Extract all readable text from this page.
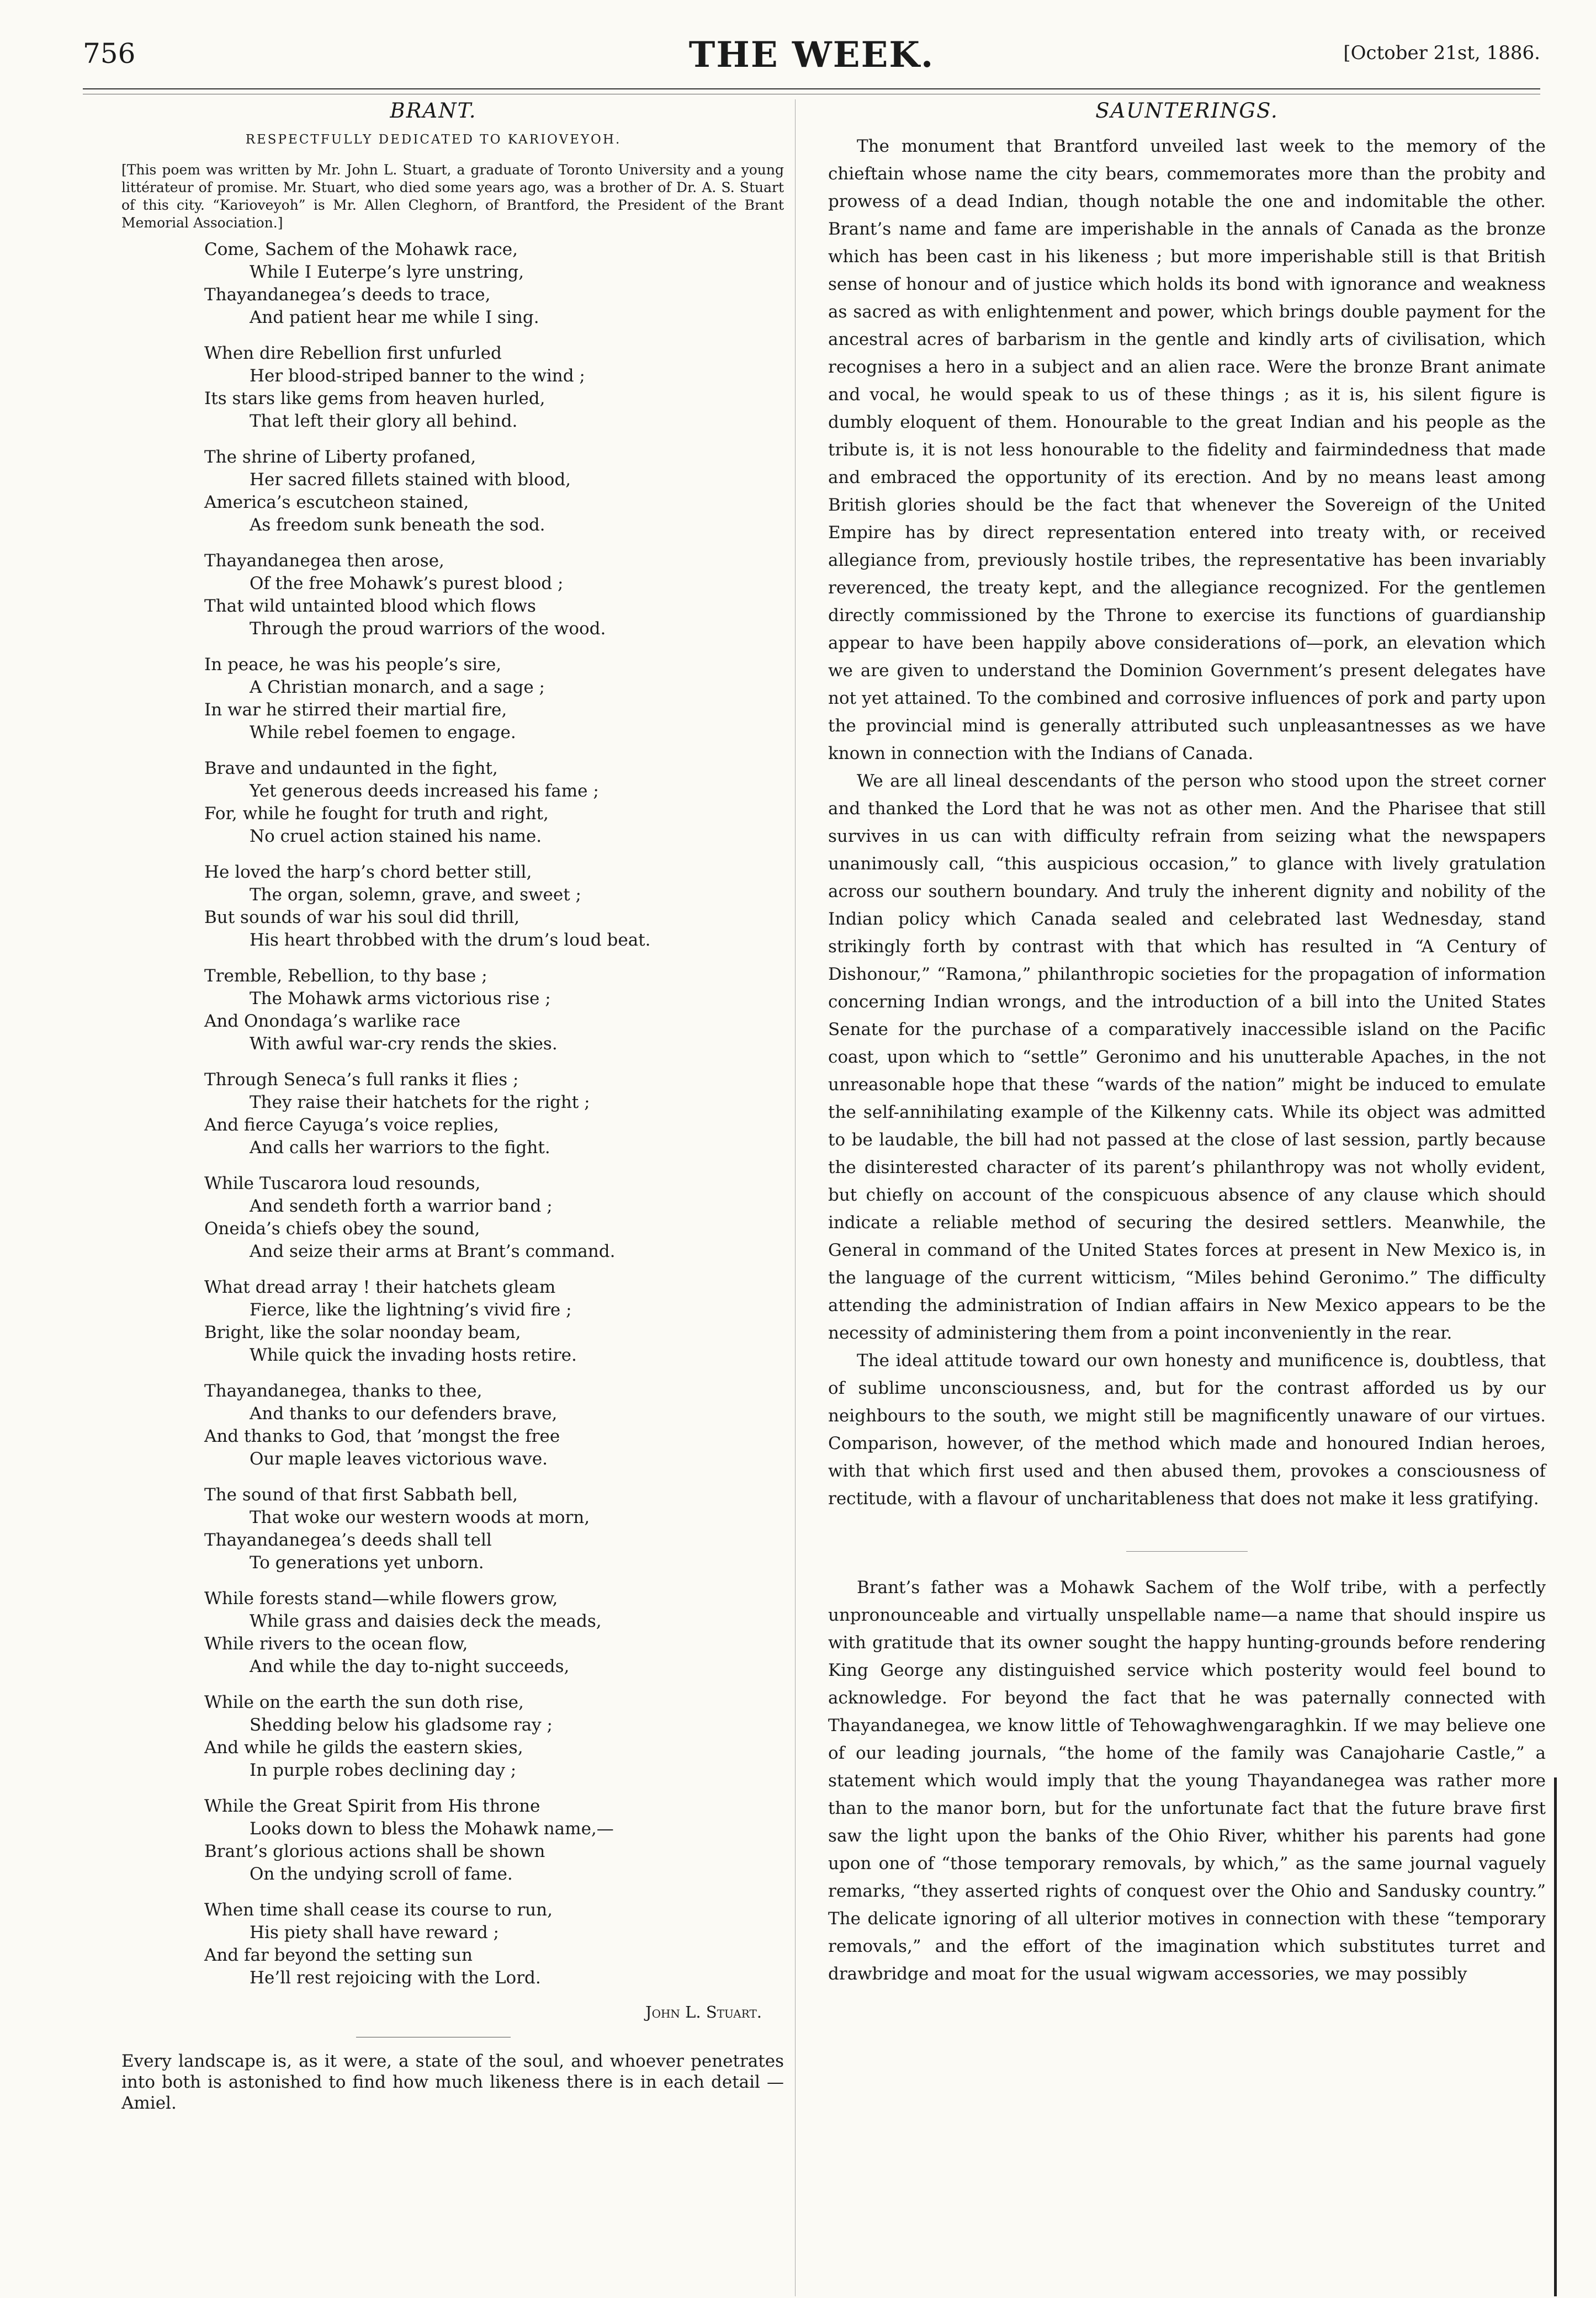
756	THE WEEK.	[October 21st, 1886.
BRANT.
RESPECTFULLY DEDICATED TO KARIOVEYOH.

[This poem was written by Mr. John L. Stuart, a graduate of Toronto University and a young littérateur of promise. Mr. Stuart, who died some years ago, was a brother of Dr. A. S. Stuart of this city. “Karioveyoh” is Mr. Allen Cleghorn, of Brantford, the President of the Brant Memorial Association.]

Come, Sachem of the Mohawk race,
While I Euterpe’s lyre unstring,
Thayandanegea’s deeds to trace,
And patient hear me while I sing.
When dire Rebellion first unfurled
Her blood-striped banner to the wind ;
Its stars like gems from heaven hurled,
That left their glory all behind.
The shrine of Liberty profaned,
Her sacred fillets stained with blood,
America’s escutcheon stained,
As freedom sunk beneath the sod.
Thayandanegea then arose,
Of the free Mohawk’s purest blood ;
That wild untainted blood which flows
Through the proud warriors of the wood.
In peace, he was his people’s sire,
A Christian monarch, and a sage ;
In war he stirred their martial fire,
While rebel foemen to engage.
Brave and undaunted in the fight,
Yet generous deeds increased his fame ;
For, while he fought for truth and right,
No cruel action stained his name.
He loved the harp’s chord better still,
The organ, solemn, grave, and sweet ;
But sounds of war his soul did thrill,
His heart throbbed with the drum’s loud beat.
Tremble, Rebellion, to thy base ;
The Mohawk arms victorious rise ;
And Onondaga’s warlike race
With awful war-cry rends the skies.
Through Seneca’s full ranks it flies ;
They raise their hatchets for the right ;
And fierce Cayuga’s voice replies,
And calls her warriors to the fight.
While Tuscarora loud resounds,
And sendeth forth a warrior band ;
Oneida’s chiefs obey the sound,
And seize their arms at Brant’s command.
What dread array ! their hatchets gleam
Fierce, like the lightning’s vivid fire ;
Bright, like the solar noonday beam,
While quick the invading hosts retire.
Thayandanegea, thanks to thee,
And thanks to our defenders brave,
And thanks to God, that ’mongst the free
Our maple leaves victorious wave.
The sound of that first Sabbath bell,
That woke our western woods at morn,
Thayandanegea’s deeds shall tell
To generations yet unborn.
While forests stand—while flowers grow,
While grass and daisies deck the meads,
While rivers to the ocean flow,
And while the day to-night succeeds,
While on the earth the sun doth rise,
Shedding below his gladsome ray ;
And while he gilds the eastern skies,
In purple robes declining day ;
While the Great Spirit from His throne
Looks down to bless the Mohawk name,—
Brant’s glorious actions shall be shown
On the undying scroll of fame.
When time shall cease its course to run,
His piety shall have reward ;
And far beyond the setting sun
He’ll rest rejoicing with the Lord.
John L. Stuart.
Every landscape is, as it were, a state of the soul, and whoever penetrates into both is astonished to find how much likeness there is in each detail —Amiel.
SAUNTERINGS.

The monument that Brantford unveiled last week to the memory of the chieftain whose name the city bears, commemorates more than the probity and prowess of a dead Indian, though notable the one and indomitable the other. Brant’s name and fame are imperishable in the annals of Canada as the bronze which has been cast in his likeness ; but more imperishable still is that British sense of honour and of justice which holds its bond with ignorance and weakness as sacred as with enlightenment and power, which brings double payment for the ancestral acres of barbarism in the gentle and kindly arts of civilisation, which recognises a hero in a subject and an alien race. Were the bronze Brant animate and vocal, he would speak to us of these things ; as it is, his silent figure is dumbly eloquent of them. Honourable to the great Indian and his people as the tribute is, it is not less honourable to the fidelity and fairmindedness that made and embraced the opportunity of its erection. And by no means least among British glories should be the fact that whenever the Sovereign of the United Empire has by direct representation entered into treaty with, or received allegiance from, previously hostile tribes, the representative has been invariably reverenced, the treaty kept, and the allegiance recognized. For the gentlemen directly commissioned by the Throne to exercise its functions of guardianship appear to have been happily above considerations of—pork, an elevation which we are given to understand the Dominion Government’s present delegates have not yet attained. To the combined and corrosive influences of pork and party upon the provincial mind is generally attributed such unpleasantnesses as we have known in connection with the Indians of Canada.

We are all lineal descendants of the person who stood upon the street corner and thanked the Lord that he was not as other men. And the Pharisee that still survives in us can with difficulty refrain from seizing what the newspapers unanimously call, “this auspicious occasion,” to glance with lively gratulation across our southern boundary. And truly the inherent dignity and nobility of the Indian policy which Canada sealed and celebrated last Wednesday, stand strikingly forth by contrast with that which has resulted in “A Century of Dishonour,” “Ramona,” philanthropic societies for the propagation of information concerning Indian wrongs, and the introduction of a bill into the United States Senate for the purchase of a comparatively inaccessible island on the Pacific coast, upon which to “settle” Geronimo and his unutterable Apaches, in the not unreasonable hope that these “wards of the nation” might be induced to emulate the self-annihilating example of the Kilkenny cats. While its object was admitted to be laudable, the bill had not passed at the close of last session, partly because the disinterested character of its parent’s philanthropy was not wholly evident, but chiefly on account of the conspicuous absence of any clause which should indicate a reliable method of securing the desired settlers. Meanwhile, the General in command of the United States forces at present in New Mexico is, in the language of the current witticism, “Miles behind Geronimo.” The difficulty attending the administration of Indian affairs in New Mexico appears to be the necessity of administering them from a point inconveniently in the rear.

The ideal attitude toward our own honesty and munificence is, doubtless, that of sublime unconsciousness, and, but for the contrast afforded us by our neighbours to the south, we might still be magnificently unaware of our virtues. Comparison, however, of the method which made and honoured Indian heroes, with that which first used and then abused them, provokes a consciousness of rectitude, with a flavour of uncharitableness that does not make it less gratifying.

Brant’s father was a Mohawk Sachem of the Wolf tribe, with a perfectly unpronounceable and virtually unspellable name—a name that should inspire us with gratitude that its owner sought the happy hunting-grounds before rendering King George any distinguished service which posterity would feel bound to acknowledge. For beyond the fact that he was paternally connected with Thayandanegea, we know little of Tehowaghwengaraghkin. If we may believe one of our leading journals, “the home of the family was Canajoharie Castle,” a statement which would imply that the young Thayandanegea was rather more than to the manor born, but for the unfortunate fact that the future brave first saw the light upon the banks of the Ohio River, whither his parents had gone upon one of “those temporary removals, by which,” as the same journal vaguely remarks, “they asserted rights of conquest over the Ohio and Sandusky country.” The delicate ignoring of all ulterior motives in connection with these “temporary removals,” and the effort of the imagination which substitutes turret and drawbridge and moat for the usual wigwam accessories, we may possibly
